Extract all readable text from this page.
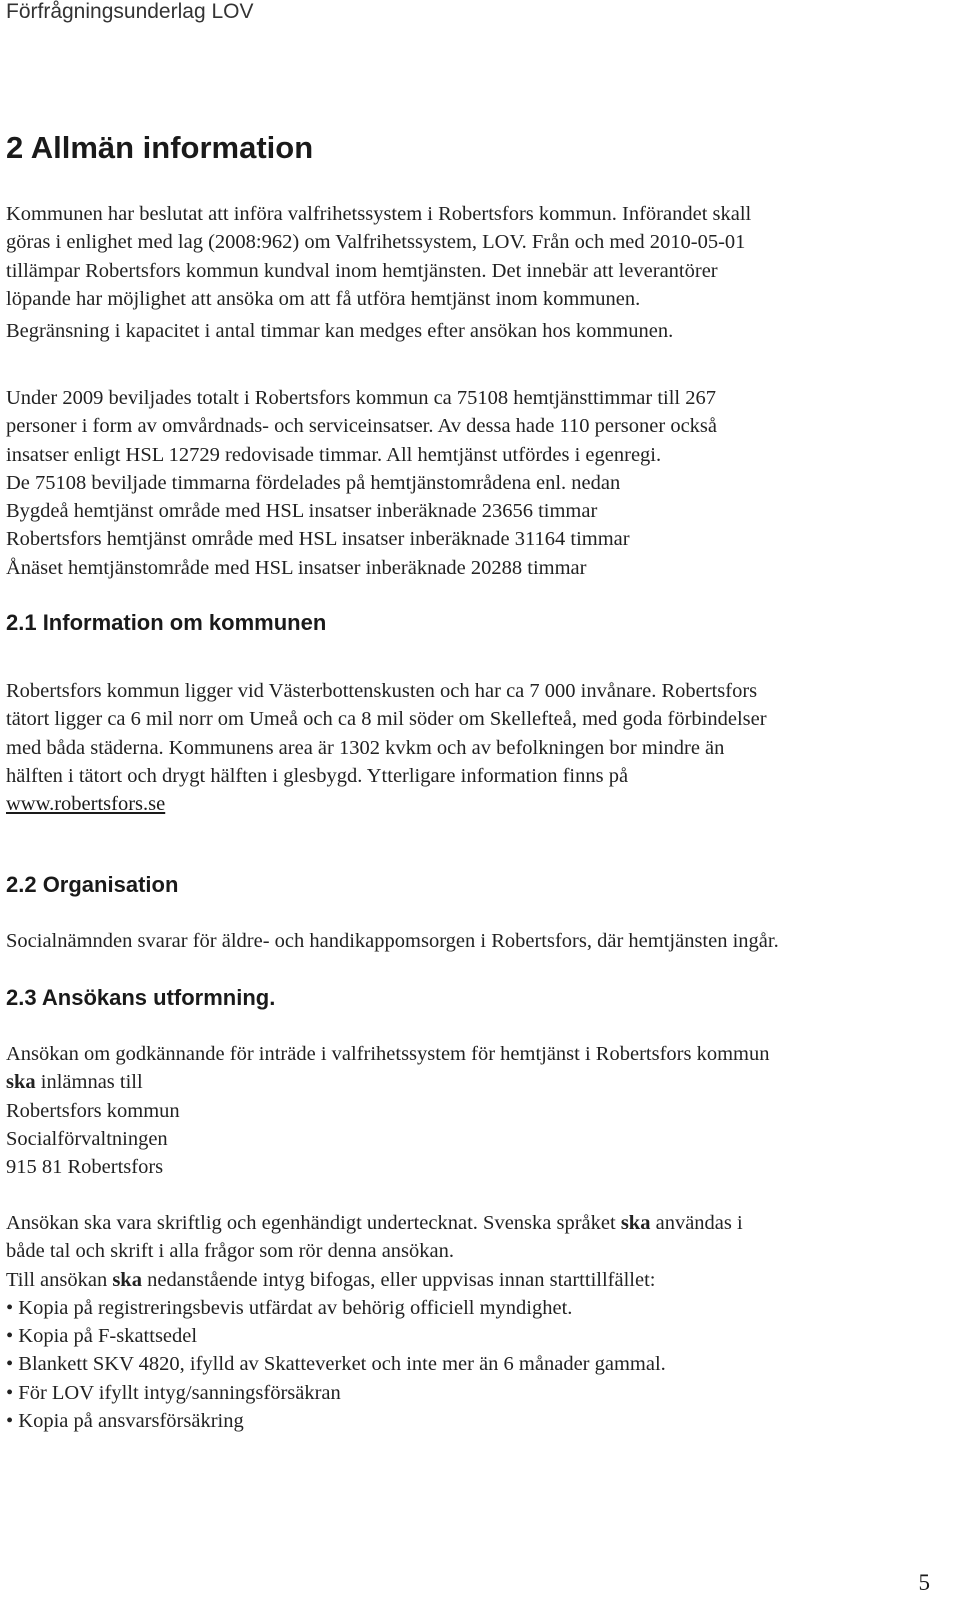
Förfrågningsunderlag LOV
2 Allmän information
Kommunen har beslutat att införa valfrihetssystem i Robertsfors kommun. Införandet skall
göras i enlighet med lag (2008:962) om Valfrihetssystem, LOV. Från och med 2010-05-01
tillämpar Robertsfors kommun kundval inom hemtjänsten. Det innebär att leverantörer
löpande har möjlighet att ansöka om att få utföra hemtjänst inom kommunen.
Begränsning i kapacitet i antal timmar kan medges efter ansökan hos kommunen.
Under 2009 beviljades totalt i Robertsfors kommun ca 75108 hemtjänsttimmar till 267
personer i form av omvårdnads- och serviceinsatser. Av dessa hade 110 personer också
insatser enligt HSL 12729 redovisade timmar. All hemtjänst utfördes i egenregi.
De 75108 beviljade timmarna fördelades på hemtjänstområdena enl. nedan
Bygdeå hemtjänst område med HSL insatser inberäknade 23656 timmar
Robertsfors hemtjänst område med HSL insatser inberäknade 31164 timmar
Ånäset hemtjänstområde med HSL insatser inberäknade 20288 timmar
2.1 Information om kommunen
Robertsfors kommun ligger vid Västerbottenskusten och har ca 7 000 invånare. Robertsfors
tätort ligger ca 6 mil norr om Umeå och ca 8 mil söder om Skellefteå, med goda förbindelser
med båda städerna. Kommunens area är 1302 kvkm och av befolkningen bor mindre än
hälften i tätort och drygt hälften i glesbygd. Ytterligare information finns på
www.robertsfors.se
2.2 Organisation
Socialnämnden svarar för äldre- och handikappomsorgen i Robertsfors, där hemtjänsten ingår.
2.3 Ansökans utformning.
Ansökan om godkännande för inträde i valfrihetssystem för hemtjänst i Robertsfors kommun
ska inlämnas till
Robertsfors kommun
Socialförvaltningen
915 81 Robertsfors
Ansökan ska vara skriftlig och egenhändigt undertecknat. Svenska språket ska användas i
både tal och skrift i alla frågor som rör denna ansökan.
Till ansökan ska nedanstående intyg bifogas, eller uppvisas innan starttillfället:
• Kopia på registreringsbevis utfärdat av behörig officiell myndighet.
• Kopia på F-skattsedel
• Blankett SKV 4820, ifylld av Skatteverket och inte mer än 6 månader gammal.
• För LOV ifyllt intyg/sanningsförsäkran
• Kopia på ansvarsförsäkring
5
